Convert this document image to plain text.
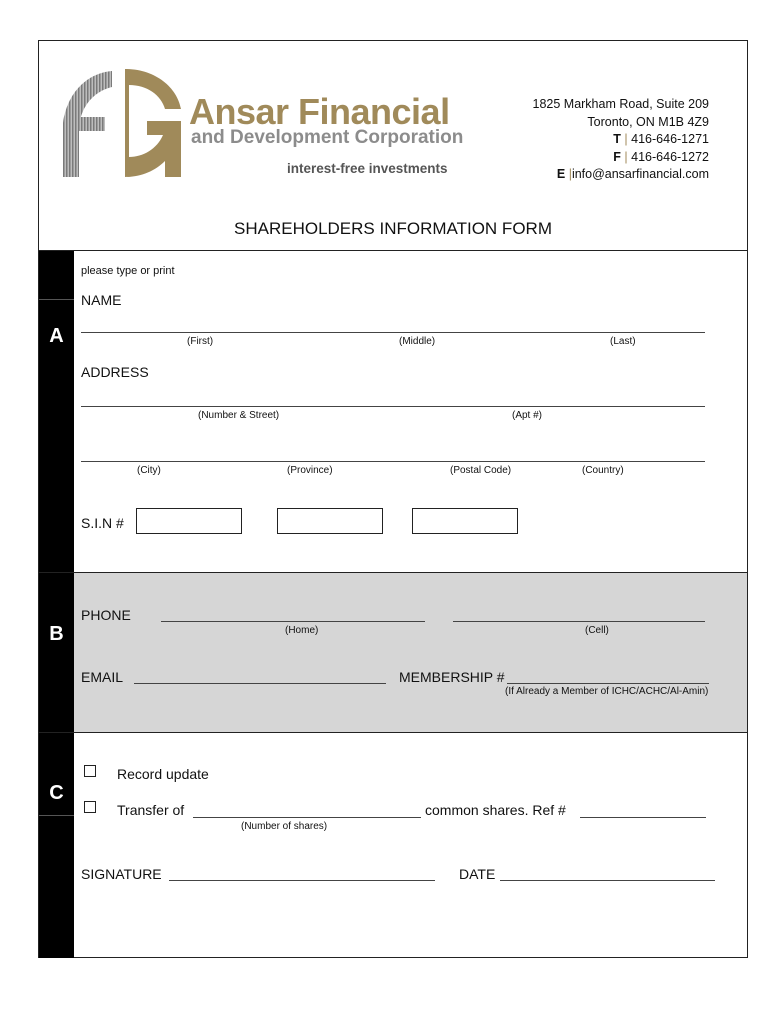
Ansar Financial
and Development Corporation
interest-free investments
1825 Markham Road, Suite 209
Toronto, ON M1B 4Z9
T | 416-646-1271
F | 416-646-1272
E |info@ansarfinancial.com
SHAREHOLDERS INFORMATION FORM
A
B
C
please type or print
NAME
(First)	(Middle)	(Last)
ADDRESS
(Number & Street)	(Apt #)
(City)	(Province)	(Postal Code)	(Country)
S.I.N #
PHONE
(Home)	(Cell)
EMAIL	MEMBERSHIP #
(If Already a Member of ICHC/ACHC/Al-Amin)
Record update
Transfer of	common shares. Ref #
(Number of shares)
SIGNATURE	DATE
